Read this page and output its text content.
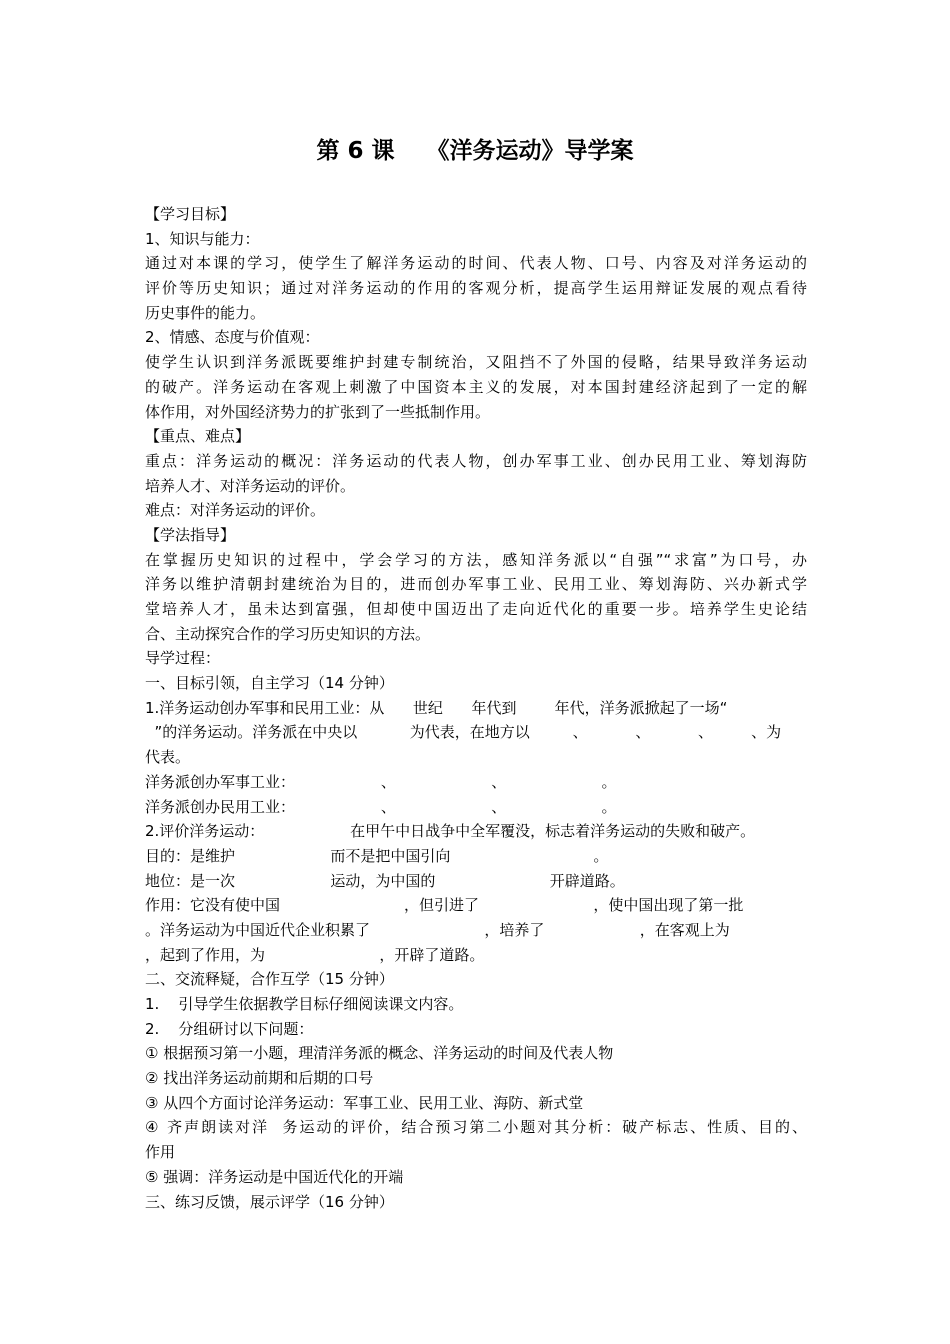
第 6 课    《洋务运动》导学案
【学习目标】
1、知识与能力：
通过对本课的学习，使学生了解洋务运动的时间、代表人物、口号、内容及对洋务运动的
评价等历史知识；通过对洋务运动的作用的客观分析，提高学生运用辩证发展的观点看待
历史事件的能力。
2、情感、态度与价值观：
使学生认识到洋务派既要维护封建专制统治，又阻挡不了外国的侵略，结果导致洋务运动
的破产。洋务运动在客观上刺激了中国资本主义的发展，对本国封建经济起到了一定的解
体作用，对外国经济势力的扩张到了一些抵制作用。
【重点、难点】
重点：洋务运动的概况：洋务运动的代表人物，创办军事工业、创办民用工业、筹划海防
培养人才、对洋务运动的评价。
难点：对洋务运动的评价。
【学法指导】
在掌握历史知识的过程中，学会学习的方法，感知洋务派以“自强”“求富”为口号，办
洋务以维护清朝封建统治为目的，进而创办军事工业、民用工业、筹划海防、兴办新式学
堂培养人才，虽未达到富强，但却使中国迈出了走向近代化的重要一步。培养学生史论结
合、主动探究合作的学习历史知识的方法。
导学过程：
一、目标引领，自主学习（14 分钟）
1.洋务运动创办军事和民用工业：从      世纪      年代到        年代，洋务派掀起了一场“
”的洋务运动。洋务派在中央以           为代表，在地方以         、          、          、        、为
代表。
洋务派创办军事工业：                  、                    、                    。
洋务派创办民用工业：                  、                    、                    。
2.评价洋务运动：                  在甲午中日战争中全军覆没，标志着洋务运动的失败和破产。
目的：是维护                    而不是把中国引向                              。
地位：是一次                    运动，为中国的                        开辟道路。
作用：它没有使中国                          ，但引进了                        ，使中国出现了第一批
。洋务运动为中国近代企业积累了                        ，培养了                    ，在客观上为
，起到了作用，为                        ，开辟了道路。
二、交流释疑，合作互学（15 分钟）
1.    引导学生依据教学目标仔细阅读课文内容。
2.    分组研讨以下问题：
① 根据预习第一小题，理清洋务派的概念、洋务运动的时间及代表人物
② 找出洋务运动前期和后期的口号
③ 从四个方面讨论洋务运动：军事工业、民用工业、海防、新式堂
④ 齐声朗读对洋  务运动的评价，结合预习第二小题对其分析：破产标志、性质、目的、
作用
⑤ 强调：洋务运动是中国近代化的开端
三、练习反馈，展示评学（16 分钟）
